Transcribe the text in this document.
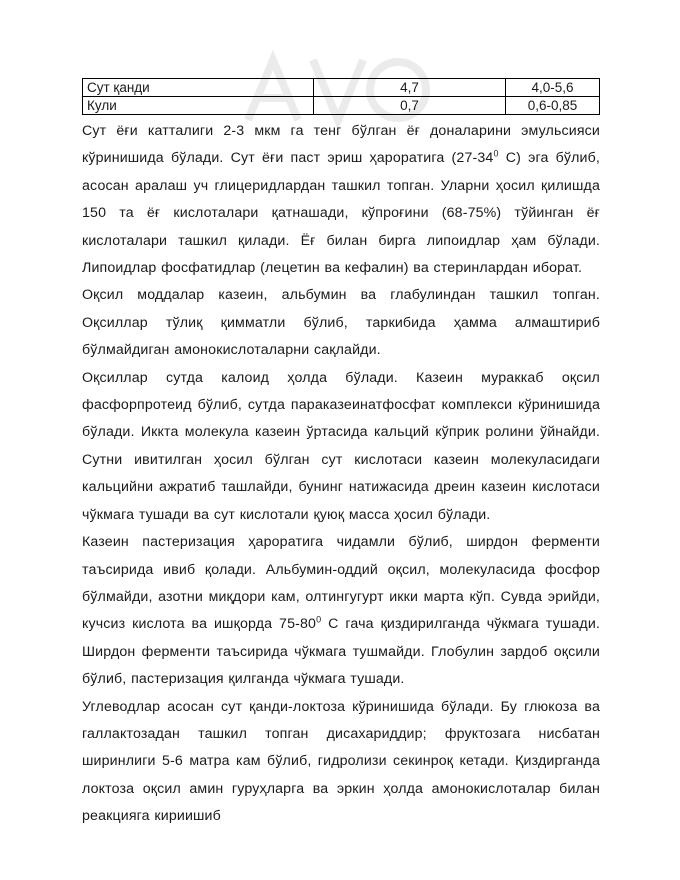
Сут қанди	4,7	4,0-5,6
Кули	0,7	0,6-0,85

Сут ёғи катталиги 2-3 мкм га тенг бўлган ёғ доналарини эмульсияси кўринишида бўлади. Сут ёғи паст эриш ҳароратига ($27-34^0$ С) эга бўлиб, асосан аралаш уч глицеридлардан ташкил топган. Уларни ҳосил қилишда 150 та ёғ кислоталари қатнашади, кўпроғини (68-75%) тўйинган ёғ кислоталари ташкил қилади. Ёғ билан бирга липоидлар ҳам бўлади. Липоидлар фосфатидлар (лецетин ва кефалин) ва стеринлардан иборат.

Оқсил моддалар казеин, альбумин ва глабулиндан ташкил топган. Оқсиллар тўлиқ қимматли бўлиб, таркибида ҳамма алмаштириб бўлмайдиган амонокислоталарни сақлайди.

Оқсиллар сутда калоид ҳолда бўлади. Казеин мураккаб оқсил фасфорпротеид бўлиб, сутда параказеинатфосфат комплекси кўринишида бўлади. Иккта молекула казеин ўртасида кальций кўприк ролини ўйнайди. Сутни ивитилган ҳосил бўлган сут кислотаси казеин молекуласидаги кальцийни ажратиб ташлайди, бунинг натижасида дреин казеин кислотаси чўкмага тушади ва сут кислотали қуюқ масса ҳосил бўлади.

Казеин пастеризация ҳароратига чидамли бўлиб, ширдон ферменти таъсирида ивиб қолади. Альбумин-оддий оқсил, молекуласида фосфор бўлмайди, азотни миқдори кам, олтингугурт икки марта кўп. Сувда эрийди, кучсиз кислота ва ишқорда $75-80^0$ С гача қиздирилганда чўкмага тушади. Ширдон ферменти таъсирида чўкмага тушмайди. Глобулин зардоб оқсили бўлиб, пастеризация қилганда чўкмага тушади.

Углеводлар асосан сут қанди-локтоза кўринишида бўлади. Бу глюкоза ва галлактозадан ташкил топган дисахариддир; фруктозага нисбатан ширинлиги 5-6 матра кам бўлиб, гидролизи секинроқ кетади. Қиздирганда локтоза оқсил амин гуруҳларга ва эркин ҳолда амонокислоталар билан реакцияга кириишиб
